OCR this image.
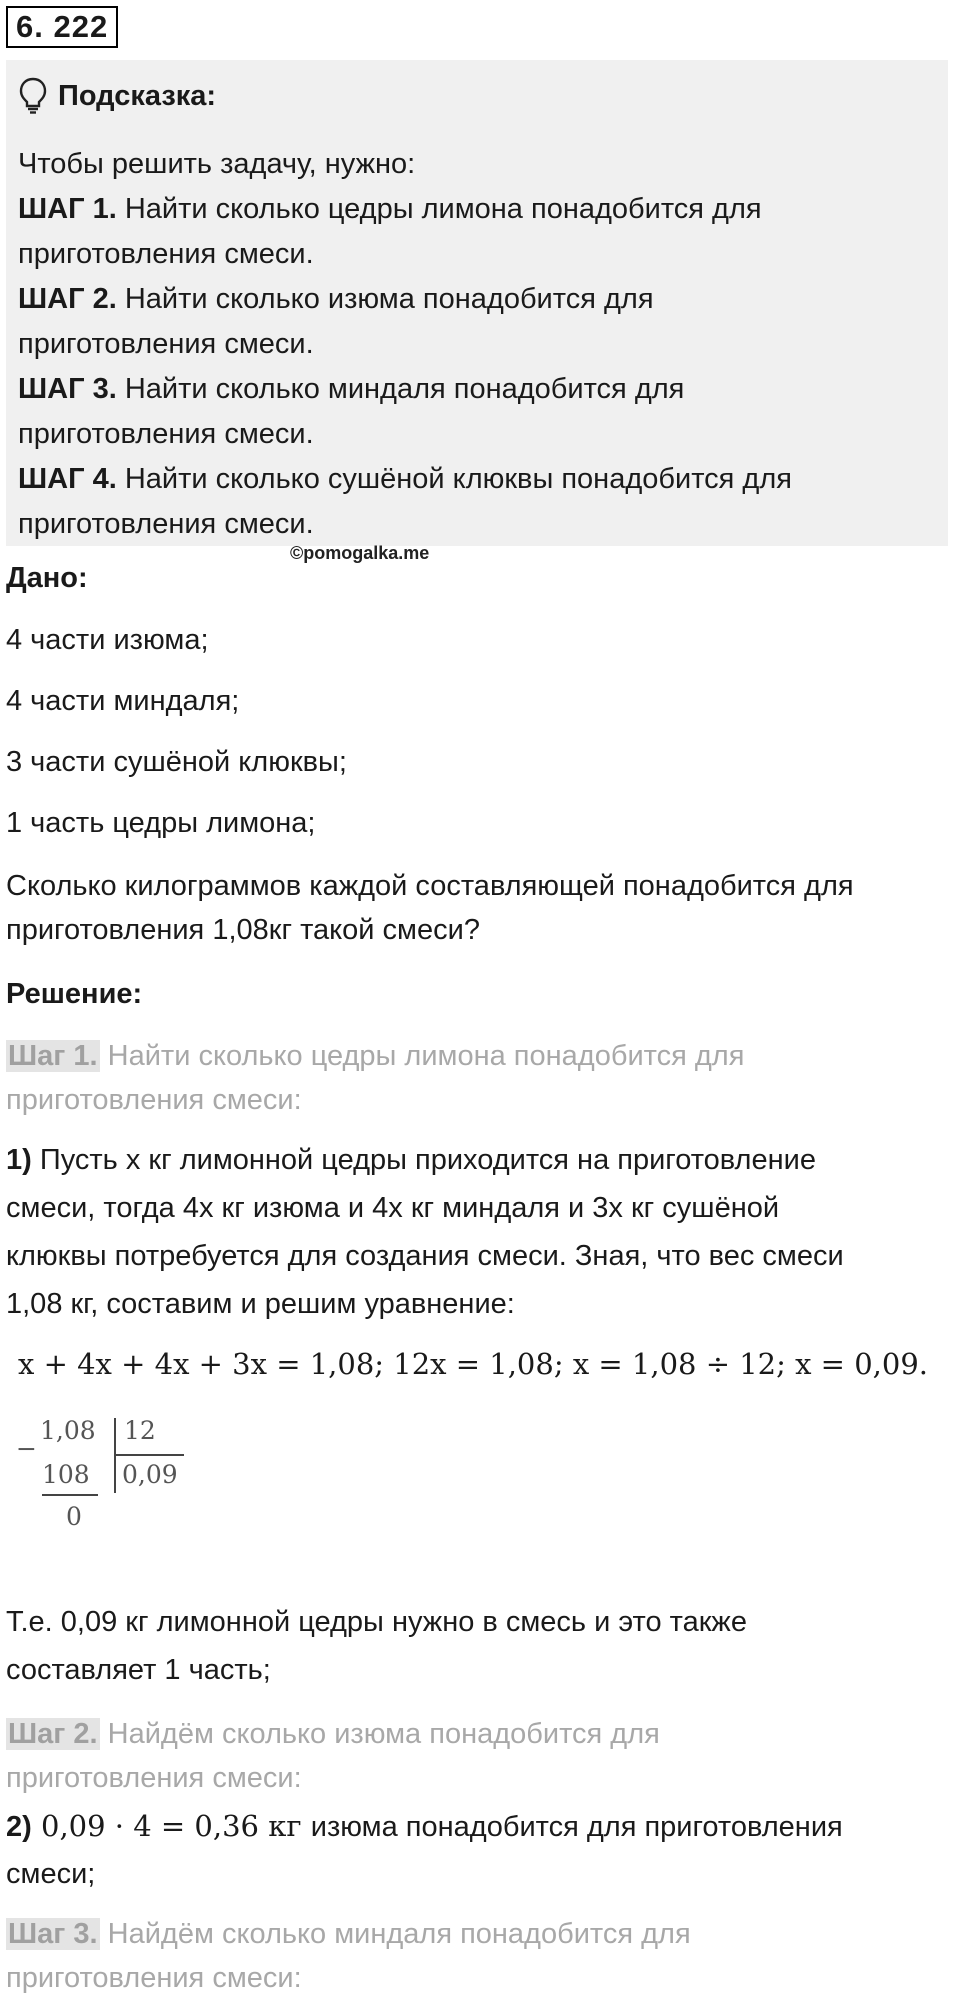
6. 222
Подсказка:
Чтобы решить задачу, нужно:
ШАГ 1. Найти сколько цедры лимона понадобится для
приготовления смеси.
ШАГ 2. Найти сколько изюма понадобится для
приготовления смеси.
ШАГ 3. Найти сколько миндаля понадобится для
приготовления смеси.
ШАГ 4. Найти сколько сушёной клюквы понадобится для
приготовления смеси.
©pomogalka.me
Дано:
4 части изюма;
4 части миндаля;
3 части сушёной клюквы;
1 часть цедры лимона;
Сколько килограммов каждой составляющей понадобится для
приготовления 1,08кг такой смеси?
Решение:
Шаг 1. Найти сколько цедры лимона понадобится для
приготовления смеси:
1) Пусть x кг лимонной цедры приходится на приготовление
смеси, тогда 4x кг изюма и 4x кг миндаля и 3x кг сушёной
клюквы потребуется для создания смеси. Зная, что вес смеси
1,08 кг, составим и решим уравнение:
x + 4x + 4x + 3x = 1,08; 12x = 1,08; x = 1,08 ÷ 12; x = 0,09.
−
1,08 12
108 0,09
0
Т.е. 0,09 кг лимонной цедры нужно в смесь и это также
составляет 1 часть;
Шаг 2. Найдём сколько изюма понадобится для
приготовления смеси:
2) 0,09 · 4 = 0,36 кг изюма понадобится для приготовления
смеси;
Шаг 3. Найдём сколько миндаля понадобится для
приготовления смеси:
